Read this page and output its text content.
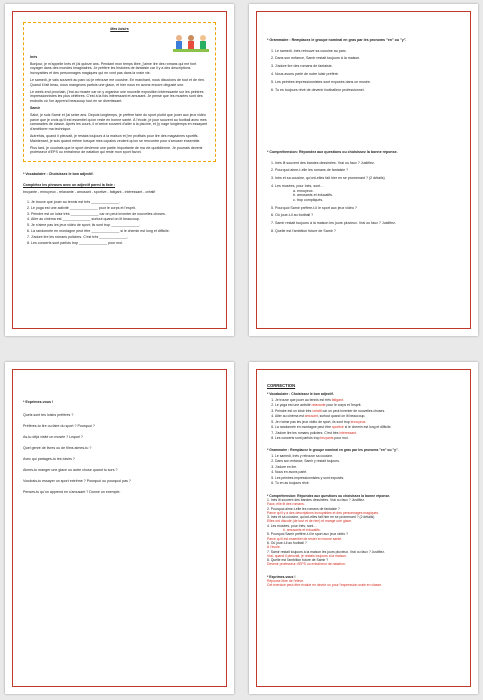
Mes loisirs

Inès

Bonjour, je m'appelle Inès et j'ai quinze ans. Pendant mon temps libre, j'aime lire des romans qui me font voyager dans des mondes imaginaires. Je préfère les histoires de fantaisie car il y a des descriptions incroyables et des personnages magiques qui ne vont pas dans la vraie vie.

Le samedi, je vais souvent au parc où je retrouve me cousine. En marchant, nous discutons de tout et de rien. Quand il fait beau, nous mangeons parfois une glace, et hier nous en avons encore dégusté une.

Le week-end prochain, j'irai au musée car on y organise une nouvelle exposition intéressante sur les peintres impressionnistes les plus célèbres. C'est à la fois intéressant et amusant. Je pense que les musées sont des endroits où l'on apprend beaucoup tout en se divertissant.

Samir

Salut, je suis Samir et j'ai seize ans. Depuis longtemps, je préfère faire du sport plutôt que jouer aux jeux vidéo parce que je crois qu'il est essentiel qu'on reste en bonne santé. À l'école, je joue souvent au football avec mes camarades de classe. Après les cours, il m'arrive souvent d'aller à la piscine, et j'y nage longtemps en essayant d'améliorer ma technique.

Autrefois, quand il pleuvait, je restais toujours à la maison et j'en profitais pour lire des magazines sportifs. Maintenant, je suis quand même lorsque mes copains veulent qu'on se rencontre pour s'amuser ensemble.

Plus tard, je voudrais que le sport devienne une partie importante de ma vie quotidienne. Je pourrais devenir professeur d'EPS ou entraîneur de natation qui reste mon sport favori.

* Vocabulaire : Choisissez le bon adjectif.
Complétez les phrases avec un adjectif parmi la liste :
bruyante - ennuyeux - relaxante - amusant - sportive - fatigant - intéressant - créatif
1. Je trouve que jouer au tennis est très ______________.
2. Le yoga est une activité ______________ pour le corps et l'esprit.
3. Peindre est un loisir très ______________ car on peut inventer de nouvelles choses.
4. Aller au cinéma est ______________ surtout quand on lit beaucoup.
5. Je n'aime pas les jeux vidéo de sport; ils sont trop ______________.
6. La randonnée en montagne peut être ______________ si le chemin est long et difficile.
7. J'adore lire les romans policiers. C'est très ______________.
8. Les concerts sont parfois trop ______________ pour moi.
* Grammaire : Remplacez le groupe nominal en gras par les pronoms "en" ou "y".
1. Le samedi, Inès retrouve sa cousine au parc.
2. Dans son enfance, Samir restait toujours à la maison.
3. J'adore lire des romans de fantaisie.
4. Nous avons parlé de notre loisir préféré.
5. Les peintres impressionnistes sont exposés dans ce musée.
6. Tu es toujours rêvé de devenir footballeur professionnel.
* Compréhension: Répondez aux questions ou choisissez la bonne réponse.
1. Inès lit souvent des bandes dessinées. Vrai ou faux ? Justifiez.
2. Pourquoi aime-t-elle les romans de fantaisie ?
3. Inès et sa cousine, qu'ont-elles fait hier en se promenant ? (2 détails)
4. Les musées, pour Inès, sont…
a. ennuyeux.
b. amusants et éducatifs.
c. trop compliqués.
5. Pourquoi Samir préfère-t-il le sport aux jeux vidéo ?
6. Où joue-t-il au football ?
7. Samir restait toujours à la maison les jours pluvieux. Vrai ou faux ? Justifiez.
8. Quelle est l'ambition future de Samir ?
* Exprimez-vous !
Quels sont tes loisirs préférés ?
Préfères-tu lire ou faire du sport ? Pourquoi ?
As-tu déjà visité un musée ? Lequel ?
Quel genre de livres ou de films aimes-tu ?
Avec qui partages-tu tes loisirs ?
Aimes-tu manger une glace ou autre chose quand tu sors ?
Voudrais-tu essayer un sport extrême ? Pourquoi ou pourquoi pas ?
Penses-tu qu'on apprend en s'amusant ? Donne un exemple.
CORRECTION
* Vocabulaire : Choisissez le bon adjectif.
1. Je trouve que jouer au tennis est très fatigant.
2. Le yoga est une activité relaxante pour le corps et l'esprit.
3. Peindre est un loisir très créatif car on peut inventer de nouvelles choses.
4. Aller au cinéma est amusant, surtout quand on lit beaucoup.
5. Je n'aime pas les jeux vidéo de sport, ils sont trop ennuyeux.
6. La randonnée en montagne peut être sportive si le chemin est long et difficile.
7. J'adore lire les romans policiers. C'est très intéressant.
8. Les concerts sont parfois trop bruyants pour moi.
* Grammaire : Remplacez le groupe nominal en gras par les pronoms "en" ou "y".
1. Le samedi, Inès y retrouve sa cousine.
2. Dans son enfance, Samir y restait toujours.
3. J'adore en lire.
4. Nous en avons parlé.
5. Les peintres impressionnistes y sont exposés.
6. Tu en as toujours rêvé.
* Compréhension: Répondez aux questions ou choisissez la bonne réponse.
1. Inès lit souvent des bandes dessinées. Vrai ou faux ? Justifiez.
Faux, elle lit des romans.
2. Pourquoi aime-t-elle les romans de fantaisie ?
Parce qu'il y a des descriptions incroyables et des personnages magiques.
3. Inès et sa cousine, qu'ont-elles fait hier en se promenant ? (2 détails)
Elles ont discuté (de tout et de rien) et mangé une glace.
4. Les musées, pour Inès, sont…
b. amusants et éducatifs.
5. Pourquoi Samir préfère-t-il le sport aux jeux vidéo ?
Parce qu'il est essentiel de rester en bonne santé.
6. Où joue-t-il au football ?
À l'école.
7. Samir restait toujours à la maison les jours pluvieux. Vrai ou faux ? Justifiez.
Vrai, quand il pleuvait, je restais toujours à la maison.
8. Quelle est l'ambition future de Samir ?
Devenir professeur d'EPS ou entraîneur de natation.
* Exprimez-vous !
Réponse libre de l'élève.
Cet exercice peut-être évalué en devoir ou pour l'expression orale en classe.
